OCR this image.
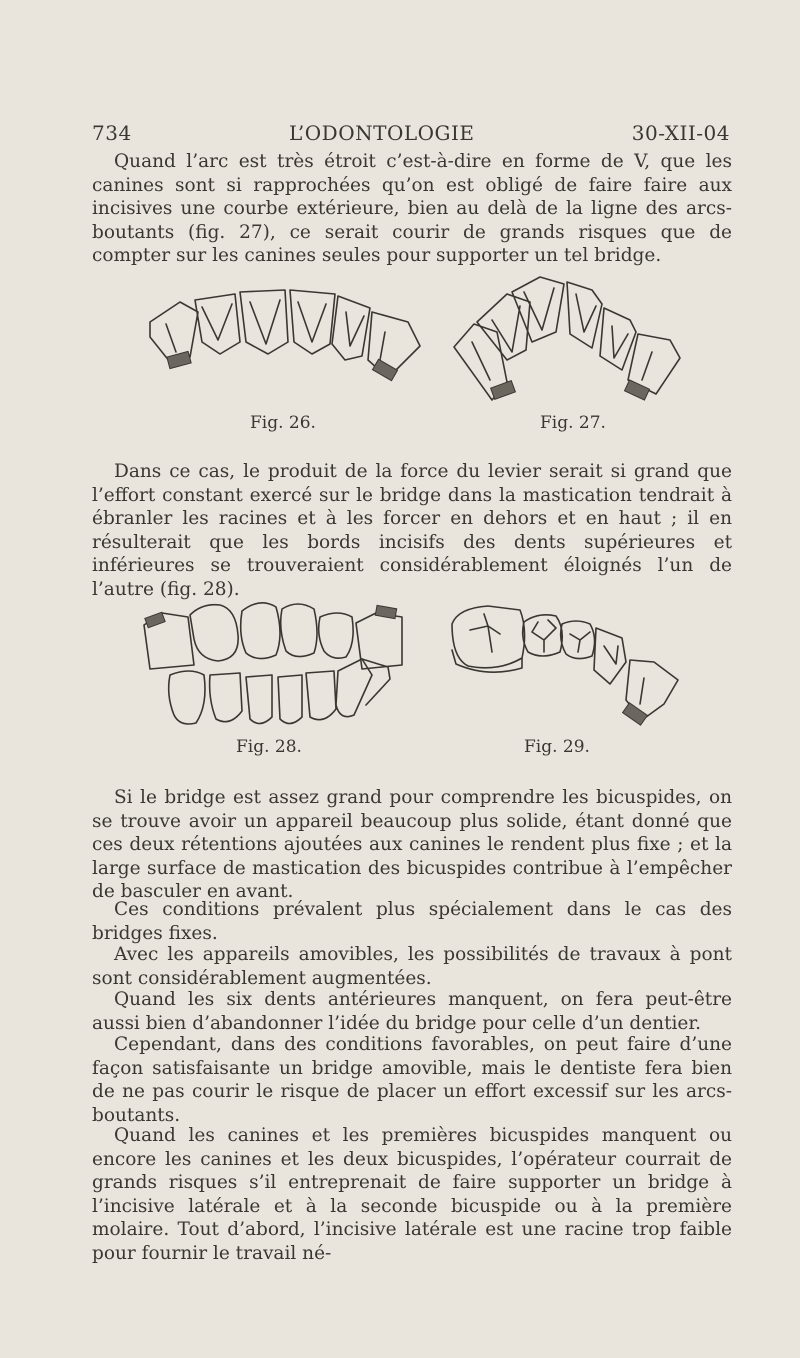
734	L’ODONTOLOGIE	30-XII-04

Quand l’arc est très étroit c’est-à-dire en forme de V, que les canines sont si rapprochées qu’on est obligé de faire faire aux incisives une courbe extérieure, bien au delà de la ligne des arcs-boutants (fig. 27), ce serait courir de grands risques que de compter sur les canines seules pour supporter un tel bridge.

Fig. 26.	Fig. 27.

Dans ce cas, le produit de la force du levier serait si grand que l’effort constant exercé sur le bridge dans la mastication tendrait à ébranler les racines et à les forcer en dehors et en haut ; il en résulterait que les bords incisifs des dents supérieures et inférieures se trouveraient considérablement éloignés l’un de l’autre (fig. 28).

Fig. 28.	Fig. 29.

Si le bridge est assez grand pour comprendre les bicuspides, on se trouve avoir un appareil beaucoup plus solide, étant donné que ces deux rétentions ajoutées aux canines le rendent plus fixe ; et la large surface de mastication des bicuspides contribue à l’empêcher de basculer en avant.

Ces conditions prévalent plus spécialement dans le cas des bridges fixes.

Avec les appareils amovibles, les possibilités de travaux à pont sont considérablement augmentées.

Quand les six dents antérieures manquent, on fera peut-être aussi bien d’abandonner l’idée du bridge pour celle d’un dentier.

Cependant, dans des conditions favorables, on peut faire d’une façon satisfaisante un bridge amovible, mais le dentiste fera bien de ne pas courir le risque de placer un effort excessif sur les arcs-boutants.

Quand les canines et les premières bicuspides manquent ou encore les canines et les deux bicuspides, l’opérateur courrait de grands risques s’il entreprenait de faire supporter un bridge à l’incisive latérale et à la seconde bicuspide ou à la première molaire. Tout d’abord, l’incisive latérale est une racine trop faible pour fournir le travail né-
